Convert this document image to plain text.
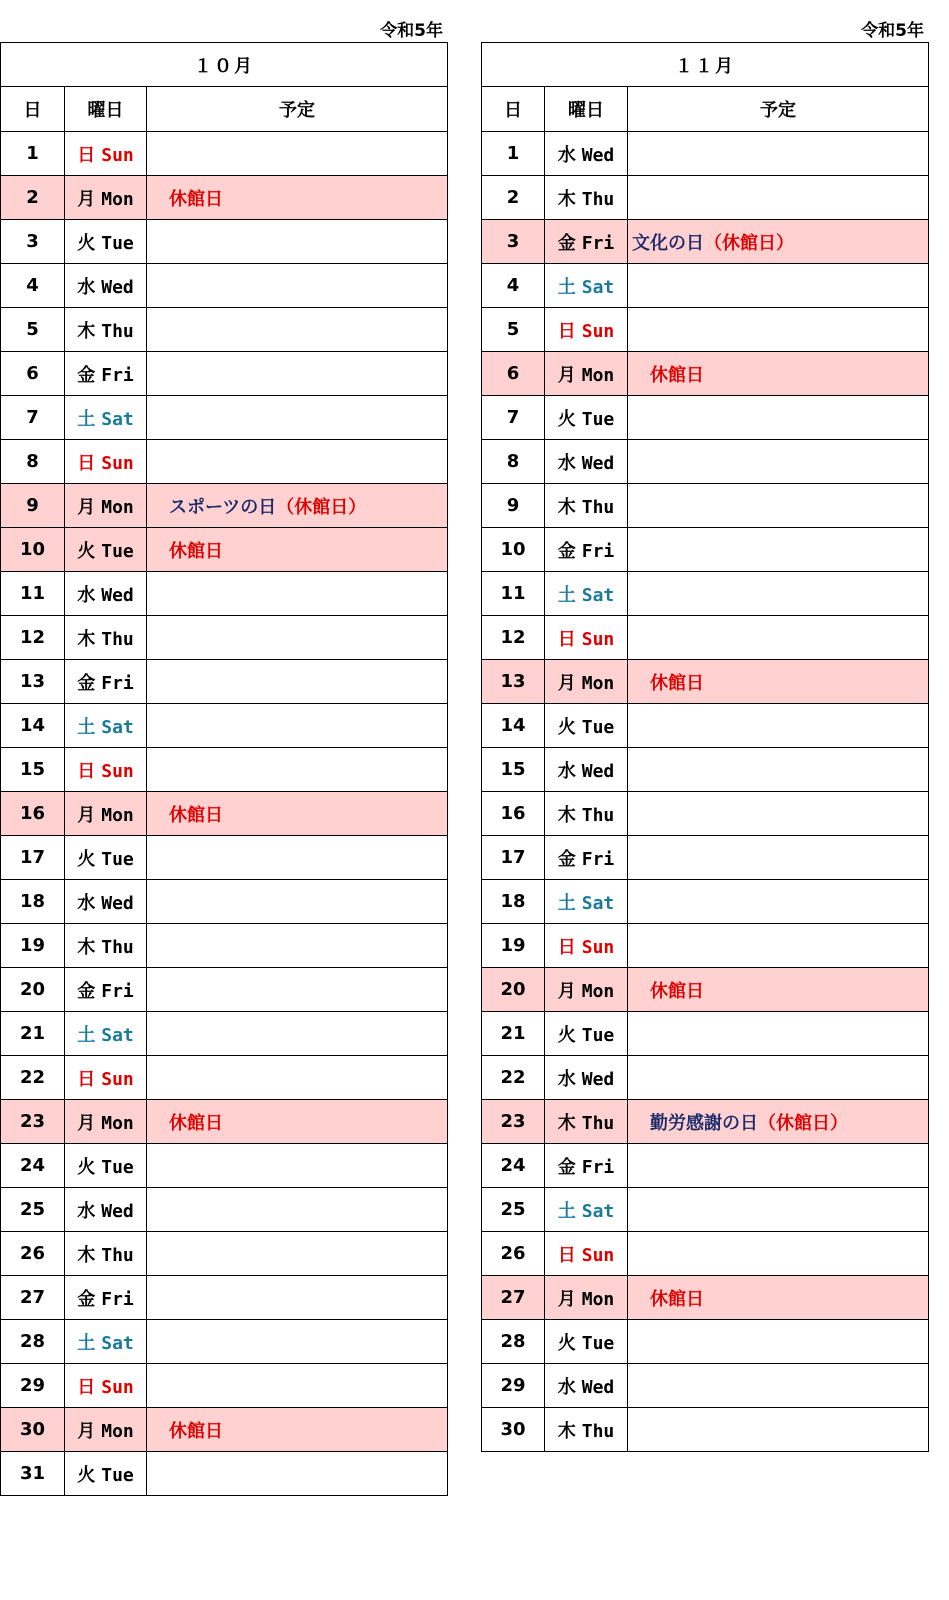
令和5年
１０月		
日	曜日	予定
1	日 Sun	
2	月 Mon	休館日
3	火 Tue	
4	水 Wed	
5	木 Thu	
6	金 Fri	
7	土 Sat	
8	日 Sun	
9	月 Mon	スポーツの日（休館日）
10	火 Tue	休館日
11	水 Wed	
12	木 Thu	
13	金 Fri	
14	土 Sat	
15	日 Sun	
16	月 Mon	休館日
17	火 Tue	
18	水 Wed	
19	木 Thu	
20	金 Fri	
21	土 Sat	
22	日 Sun	
23	月 Mon	休館日
24	火 Tue	
25	水 Wed	
26	木 Thu	
27	金 Fri	
28	土 Sat	
29	日 Sun	
30	月 Mon	休館日
31	火 Tue	
令和5年
１１月		
日	曜日	予定
1	水 Wed	
2	木 Thu	
3	金 Fri	文化の日（休館日）
4	土 Sat	
5	日 Sun	
6	月 Mon	休館日
7	火 Tue	
8	水 Wed	
9	木 Thu	
10	金 Fri	
11	土 Sat	
12	日 Sun	
13	月 Mon	休館日
14	火 Tue	
15	水 Wed	
16	木 Thu	
17	金 Fri	
18	土 Sat	
19	日 Sun	
20	月 Mon	休館日
21	火 Tue	
22	水 Wed	
23	木 Thu	勤労感謝の日（休館日）
24	金 Fri	
25	土 Sat	
26	日 Sun	
27	月 Mon	休館日
28	火 Tue	
29	水 Wed	
30	木 Thu	
